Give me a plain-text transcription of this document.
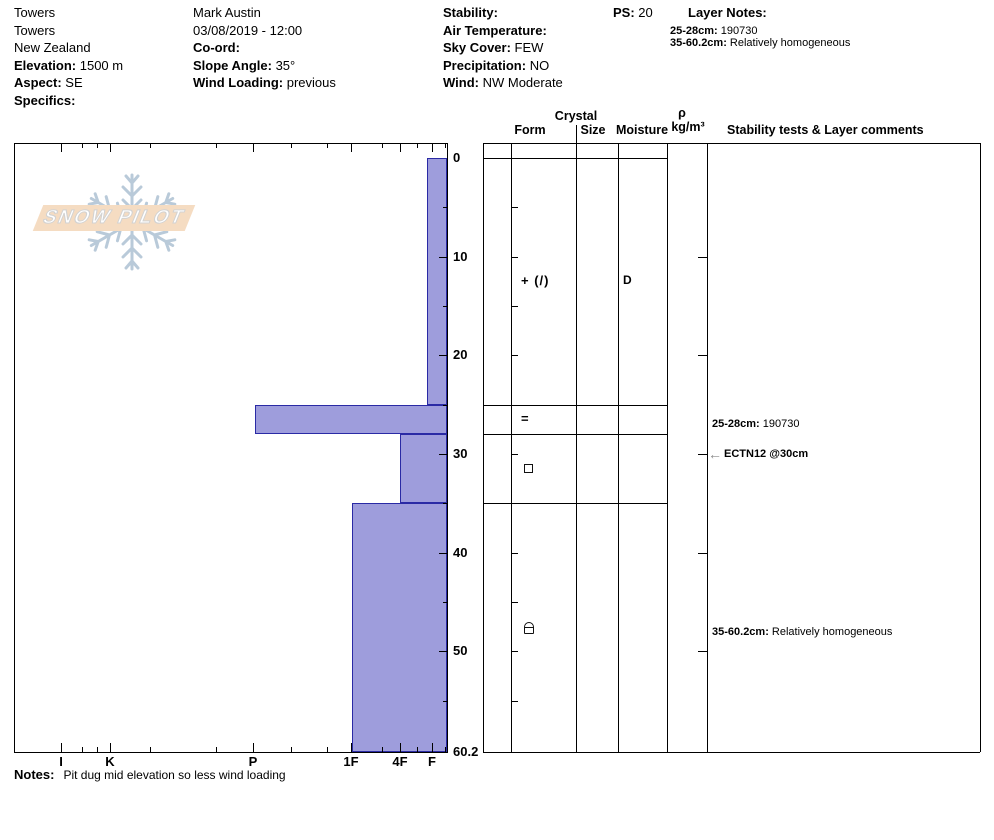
Towers
Towers
New Zealand
Elevation: 1500 m
Aspect: SE
Specifics:
Mark Austin
03/08/2019 - 12:00
Co-ord:
Slope Angle: 35°
Wind Loading: previous
Stability:
Air Temperature:
Sky Cover: FEW
Precipitation: NO
Wind: NW Moderate
PS: 20	Layer Notes:
25-28cm: 190730
35-60.2cm: Relatively homogeneous
SNOW PILOT
I	K	P	1F	4F F
0
10
20
30
40
50
60.2
Crystal
Form	Size Moisture
ρ
kg/m³ Stability tests & Layer comments
+ (/)	D
=	25-28cm: 190730
← ECTN12 @30cm
35-60.2cm: Relatively homogeneous
Notes: Pit dug mid elevation so less wind loading
